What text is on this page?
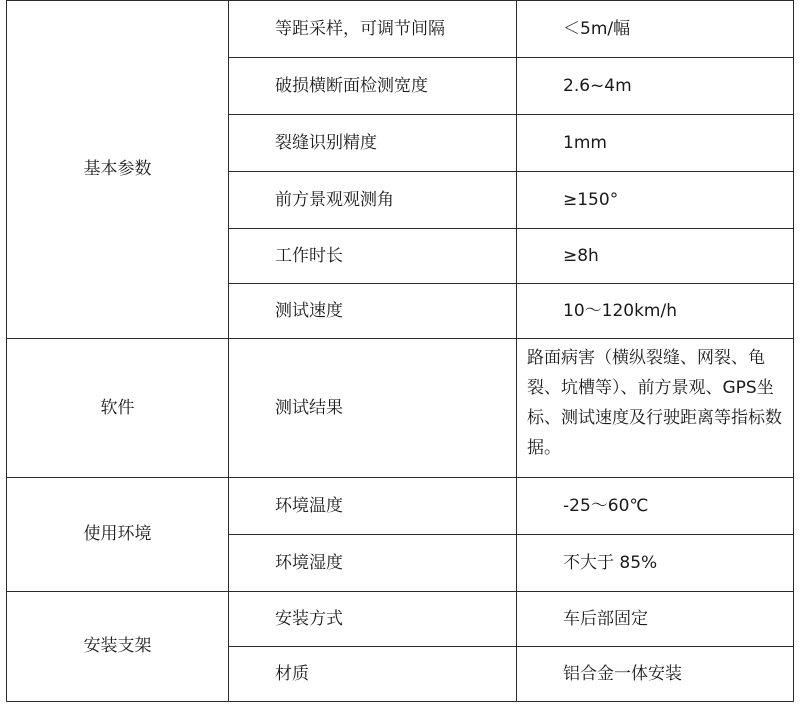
基本参数	等距采样，可调节间隔	＜5m/幅
	破损横断面检测宽度	2.6~4m
	裂缝识别精度	1mm
	前方景观观测角	≥150°
	工作时长	≥8h
	测试速度	10～120km/h
软件	测试结果	路面病害（横纵裂缝、网裂、龟裂、坑槽等）、前方景观、GPS坐标、测试速度及行驶距离等指标数据。
使用环境	环境温度	-25～60℃
	环境湿度	不大于 85%
安装支架	安装方式	车后部固定
	材质	铝合金一体安装
